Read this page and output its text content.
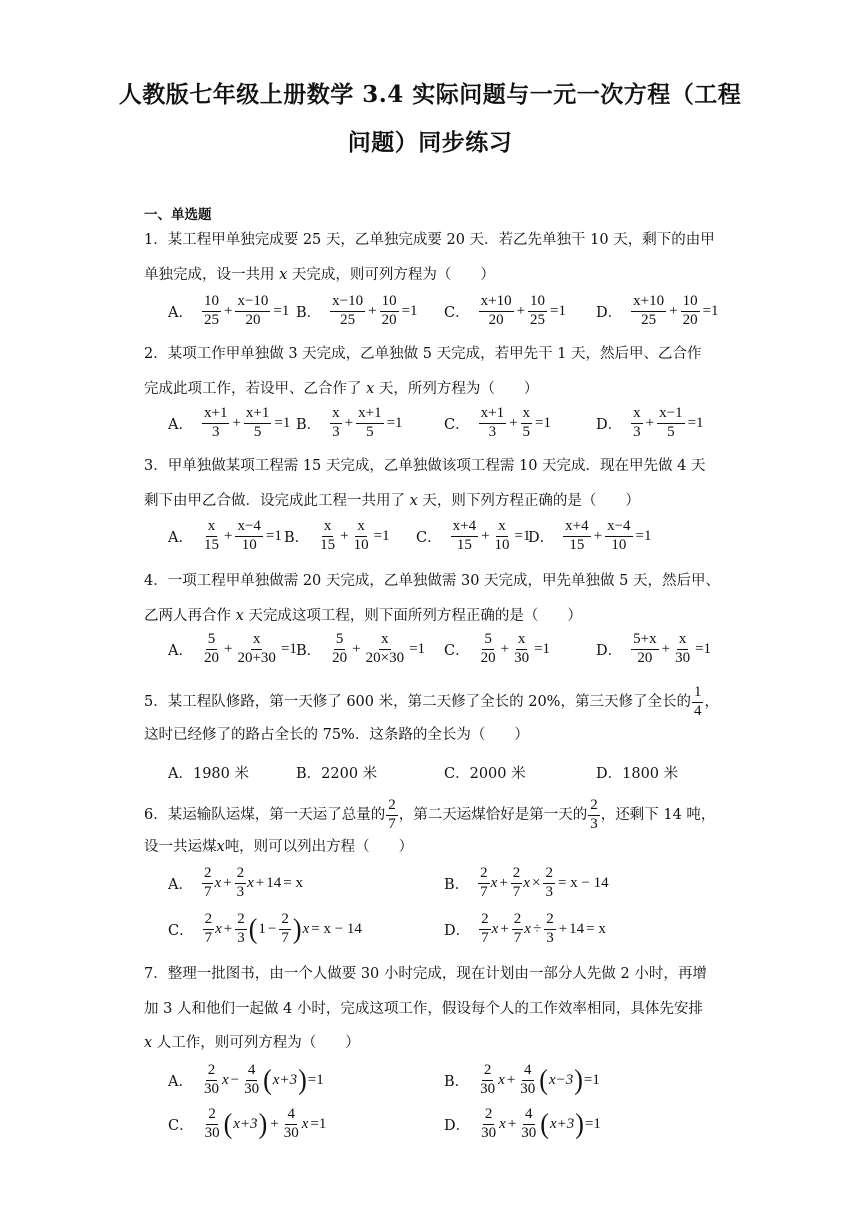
人教版七年级上册数学 3.4 实际问题与一元一次方程（工程
问题）同步练习
一、单选题
1．某工程甲单独完成要 25 天，乙单独完成要 20 天．若乙先单独干 10 天，剩下的由甲
单独完成，设一共用 x 天完成，则可列方程为（　　）
A．
10
25
+ $\frac{x-10}{20} =1$ B．
x−10
25
+ $\frac{10}{20} =1$ C．
x+10
20
+ $\frac{10}{25} =1$ D．
x+10
25
+ $\frac{10}{20} =1$
2．某项工作甲单独做 3 天完成，乙单独做 5 天完成，若甲先干 1 天，然后甲、乙合作
完成此项工作，若设甲、乙合作了 x 天，所列方程为（　　）
A．
x+1
3
+ $\frac{x+1}{5} =1$ B．
x
3
+ $\frac{x+1}{5} =1$	C．
x+1
3
+ $\frac{x}{5} =1$	D．
x
3
+ $\frac{x-1}{5} =1$
3．甲单独做某项工程需 15 天完成，乙单独做该项工程需 10 天完成．现在甲先做 4 天
剩下由甲乙合做．设完成此工程一共用了 x 天，则下列方程正确的是（　　）
A．
x
15
+ $\frac{x-4}{10} =1$ B．
x
15
+ $\frac{x}{10} =1$ C．
x+4
15
+ $\frac{x}{10} =1$
D．
x+4
15
+ $\frac{x-4}{10} =1$
4．一项工程甲单独做需 20 天完成，乙单独做需 30 天完成，甲先单独做 5 天，然后甲、
乙两人再合作 x 天完成这项工程，则下面所列方程正确的是（　　）
A．
5
20
+ $\frac{x}{20+30} =1$ B．
5
20
+ $\frac{x}{20\times 30} =1$ C．
5
20
+ $\frac{x}{30} =1$	D．
5+x
20
+ $\frac{x}{30} =1$
5．某工程队修路，第一天修了 600 米，第二天修了全长的 20%，第三天修了全长的
1
4
，
这时已经修了的路占全长的 75%．这条路的全长为（　　）
A．1980 米	B．2200 米	C．2000 米	D．1800 米
6．某运输队运煤，第一天运了总量的
2
7
，第二天运煤恰好是第一天的
2
3
，还剩下 14 吨，
设一共运煤x吨，则可以列出方程（　　）
A．
2
7
$x + \frac{2}{3}$ x + 14 = x	B．
2
7
$x + \frac{2}{7}$ $x \times \frac{2}{3} = x - 14$
C．
2
7
$x + \frac{2}{3}$ ( $1 - \frac{2}{7}$ ) x = x − 14	D．
2
7
$x + \frac{2}{7}$ $x \div \frac{2}{3} + 14 = x$
7．整理一批图书，由一个人做要 30 小时完成，现在计划由一部分人先做 2 小时，再增
加 3 人和他们一起做 4 小时，完成这项工作，假设每个人的工作效率相同，具体先安排
x 人工作，则可列方程为（　　）
A．
2
30
$x - \frac{4}{30}$ ( x+3 ) =1	B．
2
30
$x + \frac{4}{30}$ ( x−3 ) =1
C．
2
30 ( x+3 ) + $\frac{4}{30}$ x =1	D．
2
30
$x + \frac{4}{30}$ ( x+3 ) =1
